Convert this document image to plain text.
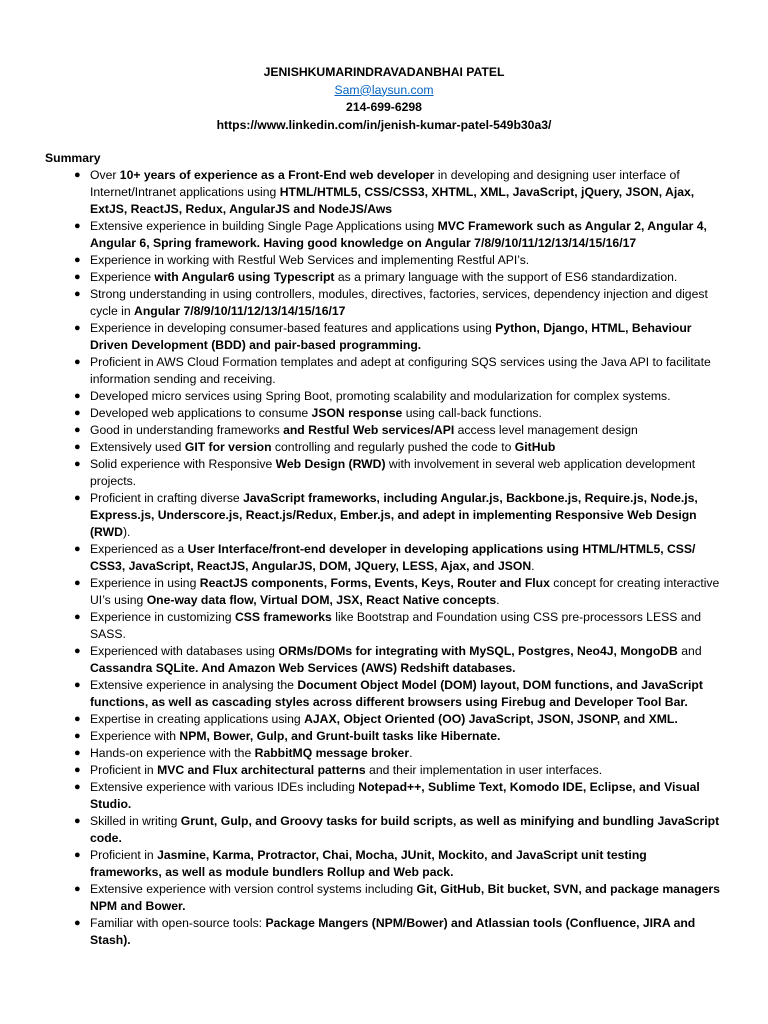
JENISHKUMARINDRAVADANBHAI PATEL
Sam@laysun.com
214-699-6298
https://www.linkedin.com/in/jenish-kumar-patel-549b30a3/
Summary
● Over 10+ years of experience as a Front-End web developer in developing and designing user interface of Internet/Intranet applications using HTML/HTML5, CSS/CSS3, XHTML, XML, JavaScript, jQuery, JSON, Ajax, ExtJS, ReactJS, Redux, AngularJS and NodeJS/Aws
● Extensive experience in building Single Page Applications using MVC Framework such as Angular 2, Angular 4, Angular 6, Spring framework. Having good knowledge on Angular 7/8/9/10/11/12/13/14/15/16/17
● Experience in working with Restful Web Services and implementing Restful API’s.
● Experience with Angular6 using Typescript as a primary language with the support of ES6 standardization.
● Strong understanding in using controllers, modules, directives, factories, services, dependency injection and digest cycle in Angular 7/8/9/10/11/12/13/14/15/16/17
● Experience in developing consumer-based features and applications using Python, Django, HTML, Behaviour Driven Development (BDD) and pair-based programming.
● Proficient in AWS Cloud Formation templates and adept at configuring SQS services using the Java API to facilitate information sending and receiving.
● Developed micro services using Spring Boot, promoting scalability and modularization for complex systems.
● Developed web applications to consume JSON response using call-back functions.
● Good in understanding frameworks and Restful Web services/API access level management design
● Extensively used GIT for version controlling and regularly pushed the code to GitHub
● Solid experience with Responsive Web Design (RWD) with involvement in several web application development projects.
● Proficient in crafting diverse JavaScript frameworks, including Angular.js, Backbone.js, Require.js, Node.js, Express.js, Underscore.js, React.js/Redux, Ember.js, and adept in implementing Responsive Web Design (RWD).
● Experienced as a User Interface/front-end developer in developing applications using HTML/HTML5, CSS/ CSS3, JavaScript, ReactJS, AngularJS, DOM, JQuery, LESS, Ajax, and JSON.
● Experience in using ReactJS components, Forms, Events, Keys, Router and Flux concept for creating interactive UI’s using One-way data flow, Virtual DOM, JSX, React Native concepts.
● Experience in customizing CSS frameworks like Bootstrap and Foundation using CSS pre-processors LESS and SASS.
● Experienced with databases using ORMs/DOMs for integrating with MySQL, Postgres, Neo4J, MongoDB and Cassandra SQLite. And Amazon Web Services (AWS) Redshift databases.
● Extensive experience in analysing the Document Object Model (DOM) layout, DOM functions, and JavaScript functions, as well as cascading styles across different browsers using Firebug and Developer Tool Bar.
● Expertise in creating applications using AJAX, Object Oriented (OO) JavaScript, JSON, JSONP, and XML.
● Experience with NPM, Bower, Gulp, and Grunt-built tasks like Hibernate.
● Hands-on experience with the RabbitMQ message broker.
● Proficient in MVC and Flux architectural patterns and their implementation in user interfaces.
● Extensive experience with various IDEs including Notepad++, Sublime Text, Komodo IDE, Eclipse, and Visual Studio.
● Skilled in writing Grunt, Gulp, and Groovy tasks for build scripts, as well as minifying and bundling JavaScript code.
● Proficient in Jasmine, Karma, Protractor, Chai, Mocha, JUnit, Mockito, and JavaScript unit testing frameworks, as well as module bundlers Rollup and Web pack.
● Extensive experience with version control systems including Git, GitHub, Bit bucket, SVN, and package managers NPM and Bower.
● Familiar with open-source tools: Package Mangers (NPM/Bower) and Atlassian tools (Confluence, JIRA and Stash).
